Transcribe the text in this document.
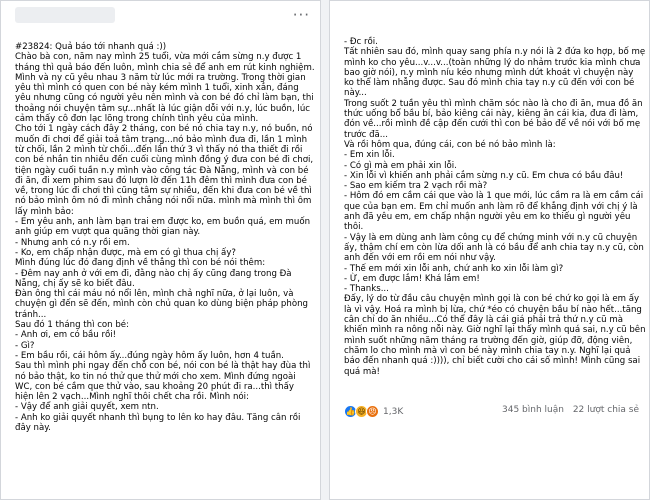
···
#23824: Quả báo tới nhanh quá :))
Chào bà con, năm nay mình 25 tuổi, vừa mới cắm sừng n.y được 1 tháng thì quả báo đến luôn, mình chia sẻ để anh em rút kinh nghiệm.
Mình và ny cũ yêu nhau 3 năm từ lúc mới ra trường. Trong thời gian yêu thì mình có quen con bé này kém mình 1 tuổi, xinh xắn, đáng yêu nhưng cũng có người yêu nên mình và con bé đó chỉ làm bạn, thi thoảng nói chuyện tâm sự...nhất là lúc giận dỗi với n.y, lúc buồn, lúc cảm thấy cô đơn lạc lõng trong chính tình yêu của mình.
Cho tới 1 ngày cách đây 2 tháng, con bé nó chia tay n.y, nó buồn, nó muốn đi chơi để giải toả tâm trạng...nó bảo mình đưa đi, lần 1 mình từ chối, lần 2 mình từ chối...đến lần thứ 3 vì thấy nó tha thiết đi rồi con bé nhắn tin nhiều đến cuối cùng mình đồng ý đưa con bé đi chơi, tiện ngày cuối tuần n.y mình vào công tác Đà Nẵng, mình và con bé đi ăn, đi xem phim sau đó lượn lờ đến 11h đêm thì mình đưa con bé về, trong lúc đi chơi thì cũng tâm sự nhiều, đến khi đưa con bé về thì nó bảo mình ôm nó đi mình chẳng nói nổi nữa. mình mà mình thì ôm lấy mình bảo:
- Em yêu anh, anh làm bạn trai em được ko, em buồn quá, em muốn anh giúp em vượt qua quãng thời gian này.
- Nhưng anh có n.y rồi em.
- Ko, em chấp nhận được, mà em có gì thua chị ấy?
Mình đúng lúc đó đang định về thẳng thì con bé nói thêm:
- Đêm nay anh ở với em đi, đằng nào chị ấy cũng đang trong Đà Nẵng, chị ấy sẽ ko biết đâu.
Đàn ông thì cái máu nó nổi lên, mình chả nghĩ nữa, ở lại luôn, và chuyện gì đến sẽ đến, mình còn chủ quan ko dùng biện pháp phòng tránh...
Sau đó 1 tháng thì con bé:
- Anh ơi, em có bầu rồi!
- Gì?
- Em bầu rồi, cái hôm ấy...đúng ngày hôm ấy luôn, hơn 4 tuần.
Sau thì mình phi ngay đến chỗ con bé, nói con bé là thật hay đùa thì nó bảo thật, ko tin nó thử que thử mới cho xem. Mình đứng ngoài WC, con bé cầm que thử vào, sau khoảng 20 phút đi ra...thì thấy hiện lên 2 vạch...Mình nghĩ thôi chết cha rồi. Mình nói:
- Vậy để anh giải quyết, xem ntn.
- Anh ko giải quyết nhanh thì bụng to lên ko hay đâu. Tăng cân rồi đây này.
- Đc rồi.
Tất nhiên sau đó, mình quay sang phía n.y nói là 2 đứa ko hợp, bố mẹ mình ko cho yêu...v...v...(toàn những lý do nhảm trước kia mình chưa bao giờ nói), n.y mình níu kéo nhưng mình dứt khoát vì chuyện này ko thể làm nhẫng được. Sau đó mình chia tay n.y cũ đến với con bé này...
Trong suốt 2 tuần yêu thì mình chăm sóc nào là cho đi ăn, mua đồ ăn thức uống bổ bầu bí, bảo kiêng cái này, kiêng ăn cái kia, đưa đi làm, đón về...rồi mình đề cập đến cưới thì con bé bảo để về nói với bố mẹ trước đã...
Và rồi hôm qua, đúng cái, con bé nó bảo mình là:
- Em xin lỗi.
- Có gì mà em phải xin lỗi.
- Xin lỗi vì khiến anh phải cắm sừng n.y cũ. Em chưa có bầu đâu!
- Sao em kiếm tra 2 vạch rồi mà?
- Hôm đó em cầm cái que vào là 1 que mới, lúc cầm ra là em cầm cái que của bạn em. Em chỉ muốn anh làm rõ để khẳng định với chị ý là anh đã yêu em, em chấp nhận người yêu em ko thiếu gì người yêu thôi.
- Vậy là em dùng anh làm công cụ để chứng minh với n.y cũ chuyện ấy, thậm chí em còn lừa dối anh là có bầu để anh chia tay n.y cũ, còn anh đến với em rồi em nói như vậy.
- Thế em mới xin lỗi anh, chứ anh ko xin lỗi làm gì?
- Ừ, em được lắm! Khá lắm em!
- Thanks...
Đấy, lý do từ đầu câu chuyện mình gọi là con bé chứ ko gọi là em ấy là vì vậy. Hoá ra mình bị lừa, chứ *éo có chuyện bầu bí nào hết...tăng cân chỉ do ăn nhiều...Có thể đây là cái giá phải trả thứ n.y cũ mà khiến mình ra nông nỗi này. Giờ nghĩ lại thấy mình quá sai, n.y cũ bên mình suốt những năm tháng ra trường đến giờ, giúp đỡ, động viên, chăm lo cho mình mà vì con bé này mình chia tay n.y. Nghĩ lại quả báo đến nhanh quá :)))), chỉ biết cười cho cái số mình! Mình cũng sai quá mà!
👍 😆 😠 1,3K	345 bình luận 22 lượt chia sẻ
